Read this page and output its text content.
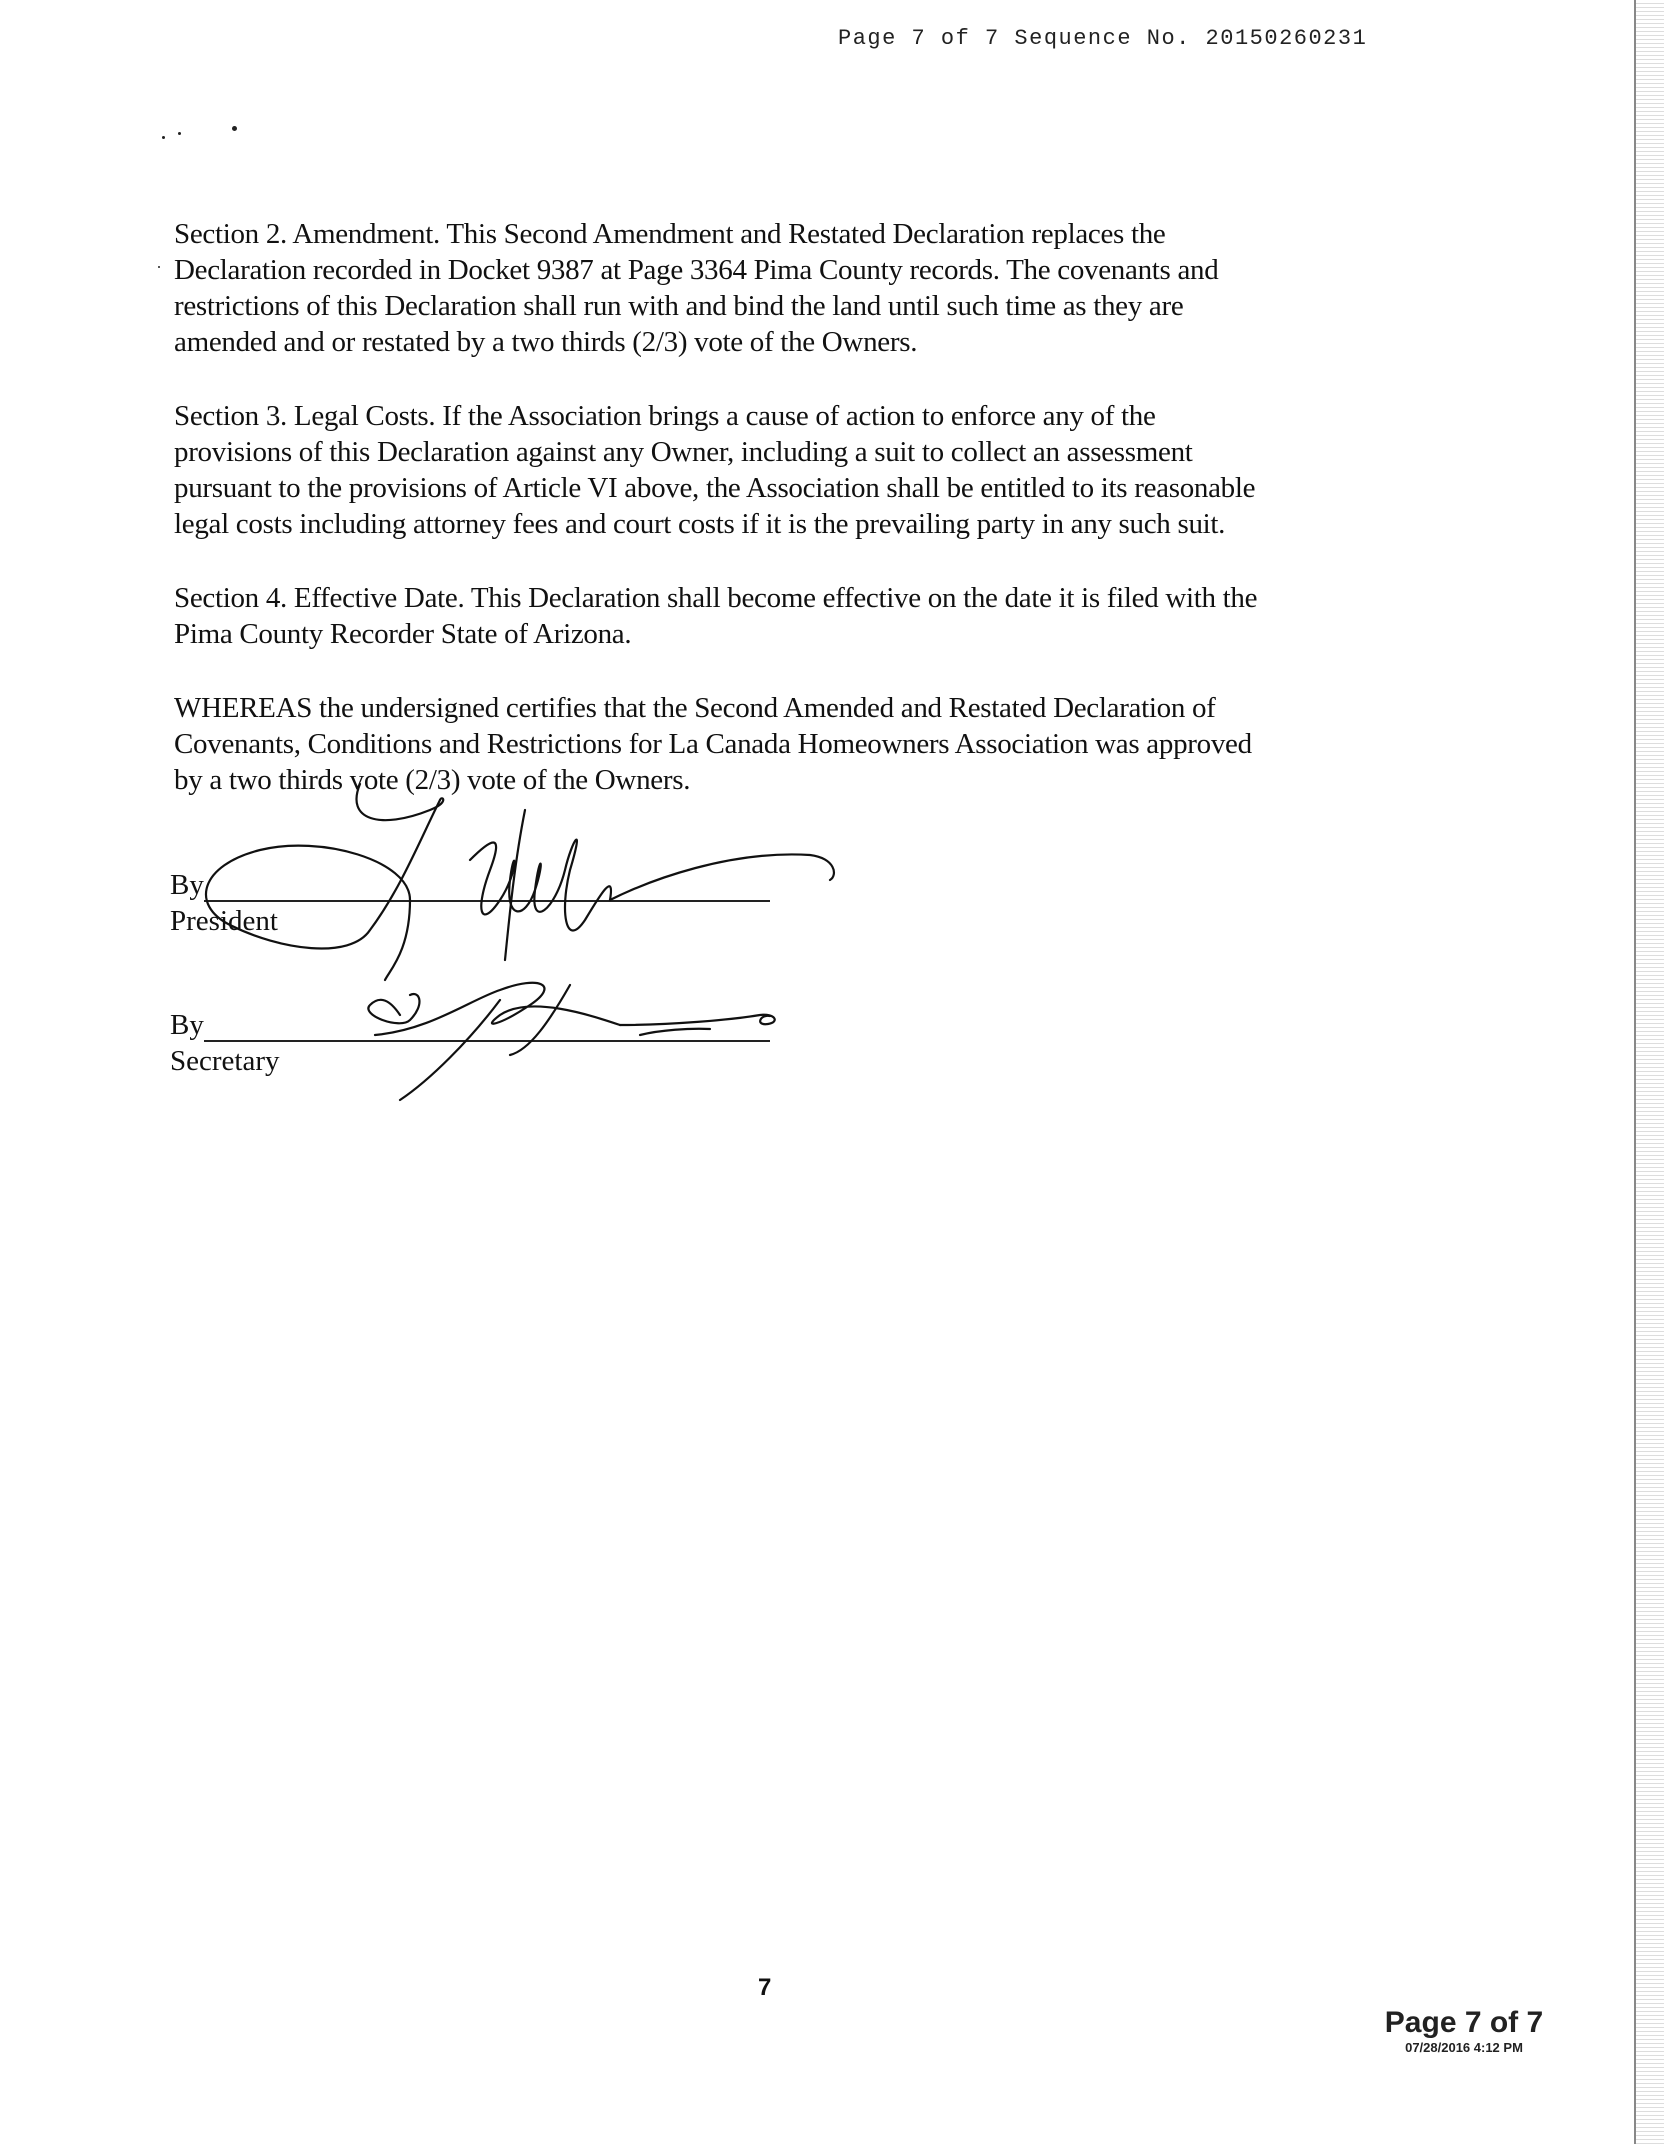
Page 7 of 7 Sequence No. 20150260231
Section 2. Amendment. This Second Amendment and Restated Declaration replaces the
Declaration recorded in Docket 9387 at Page 3364 Pima County records. The covenants and
restrictions of this Declaration shall run with and bind the land until such time as they are
amended and or restated by a two thirds (2/3) vote of the Owners.
Section 3. Legal Costs. If the Association brings a cause of action to enforce any of the
provisions of this Declaration against any Owner, including a suit to collect an assessment
pursuant to the provisions of Article VI above, the Association shall be entitled to its reasonable
legal costs including attorney fees and court costs if it is the prevailing party in any such suit.
Section 4. Effective Date. This Declaration shall become effective on the date it is filed with the
Pima County Recorder State of Arizona.
WHEREAS the undersigned certifies that the Second Amended and Restated Declaration of
Covenants, Conditions and Restrictions for La Canada Homeowners Association was approved
by a two thirds vote (2/3) vote of the Owners.
By
President
By
Secretary
7
Page 7 of 7
07/28/2016 4:12 PM
